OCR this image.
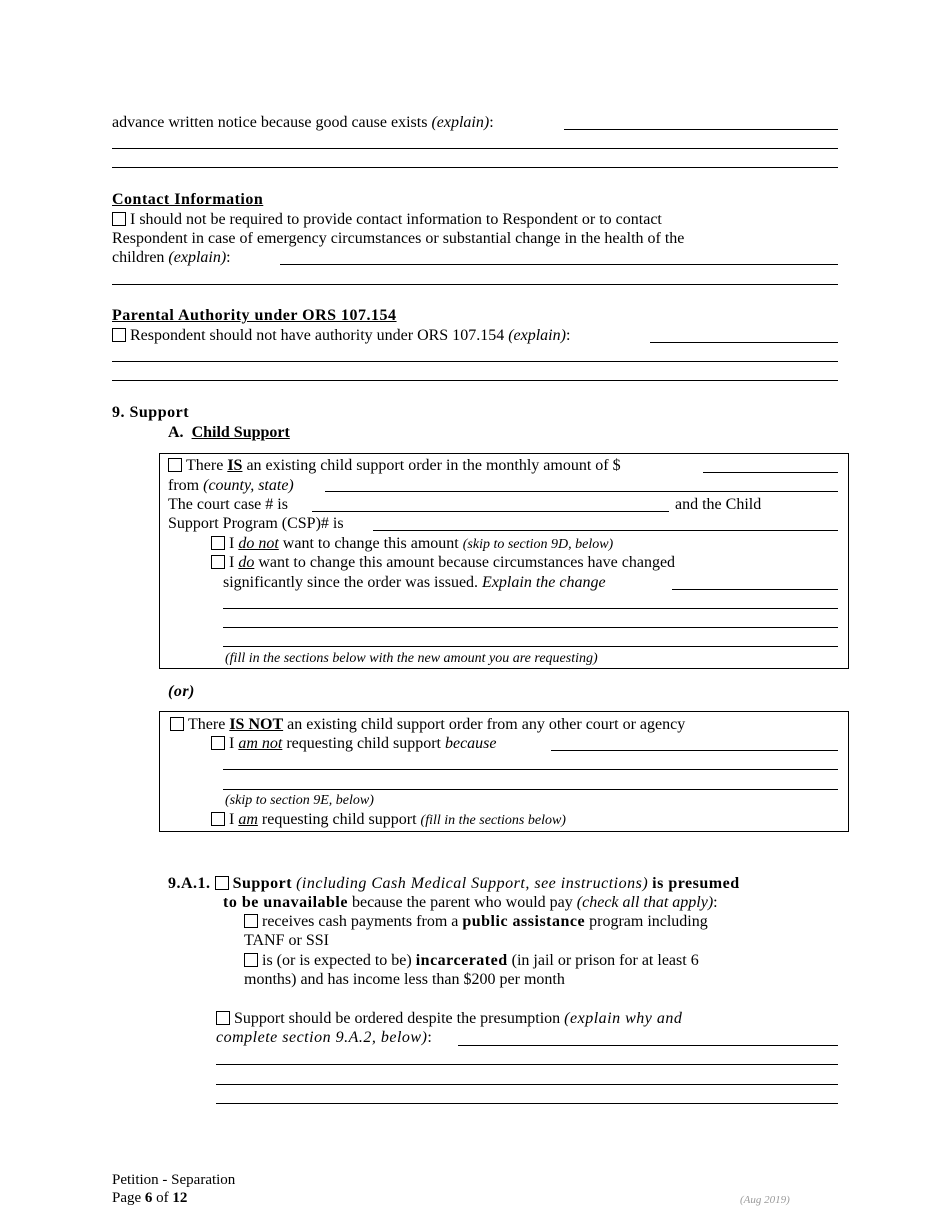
advance written notice because good cause exists (explain):
Contact Information
I should not be required to provide contact information to Respondent or to contact
Respondent in case of emergency circumstances or substantial change in the health of the
children (explain):
Parental Authority under ORS 107.154
Respondent should not have authority under ORS 107.154 (explain):
9. Support
A. Child Support
There IS an existing child support order in the monthly amount of $
from (county, state)
The court case # is	and the Child
Support Program (CSP)# is
I do not want to change this amount (skip to section 9D, below)
I do want to change this amount because circumstances have changed
significantly since the order was issued. Explain the change
(fill in the sections below with the new amount you are requesting)
(or)
There IS NOT an existing child support order from any other court or agency
I am not requesting child support because
(skip to section 9E, below)
I am requesting child support (fill in the sections below)
9.A.1. Support (including Cash Medical Support, see instructions) is presumed
to be unavailable because the parent who would pay (check all that apply):
receives cash payments from a public assistance program including
TANF or SSI
is (or is expected to be) incarcerated (in jail or prison for at least 6
months) and has income less than $200 per month
Support should be ordered despite the presumption (explain why and
complete section 9.A.2, below):
Petition - Separation
Page 6 of 12	(Aug 2019)
